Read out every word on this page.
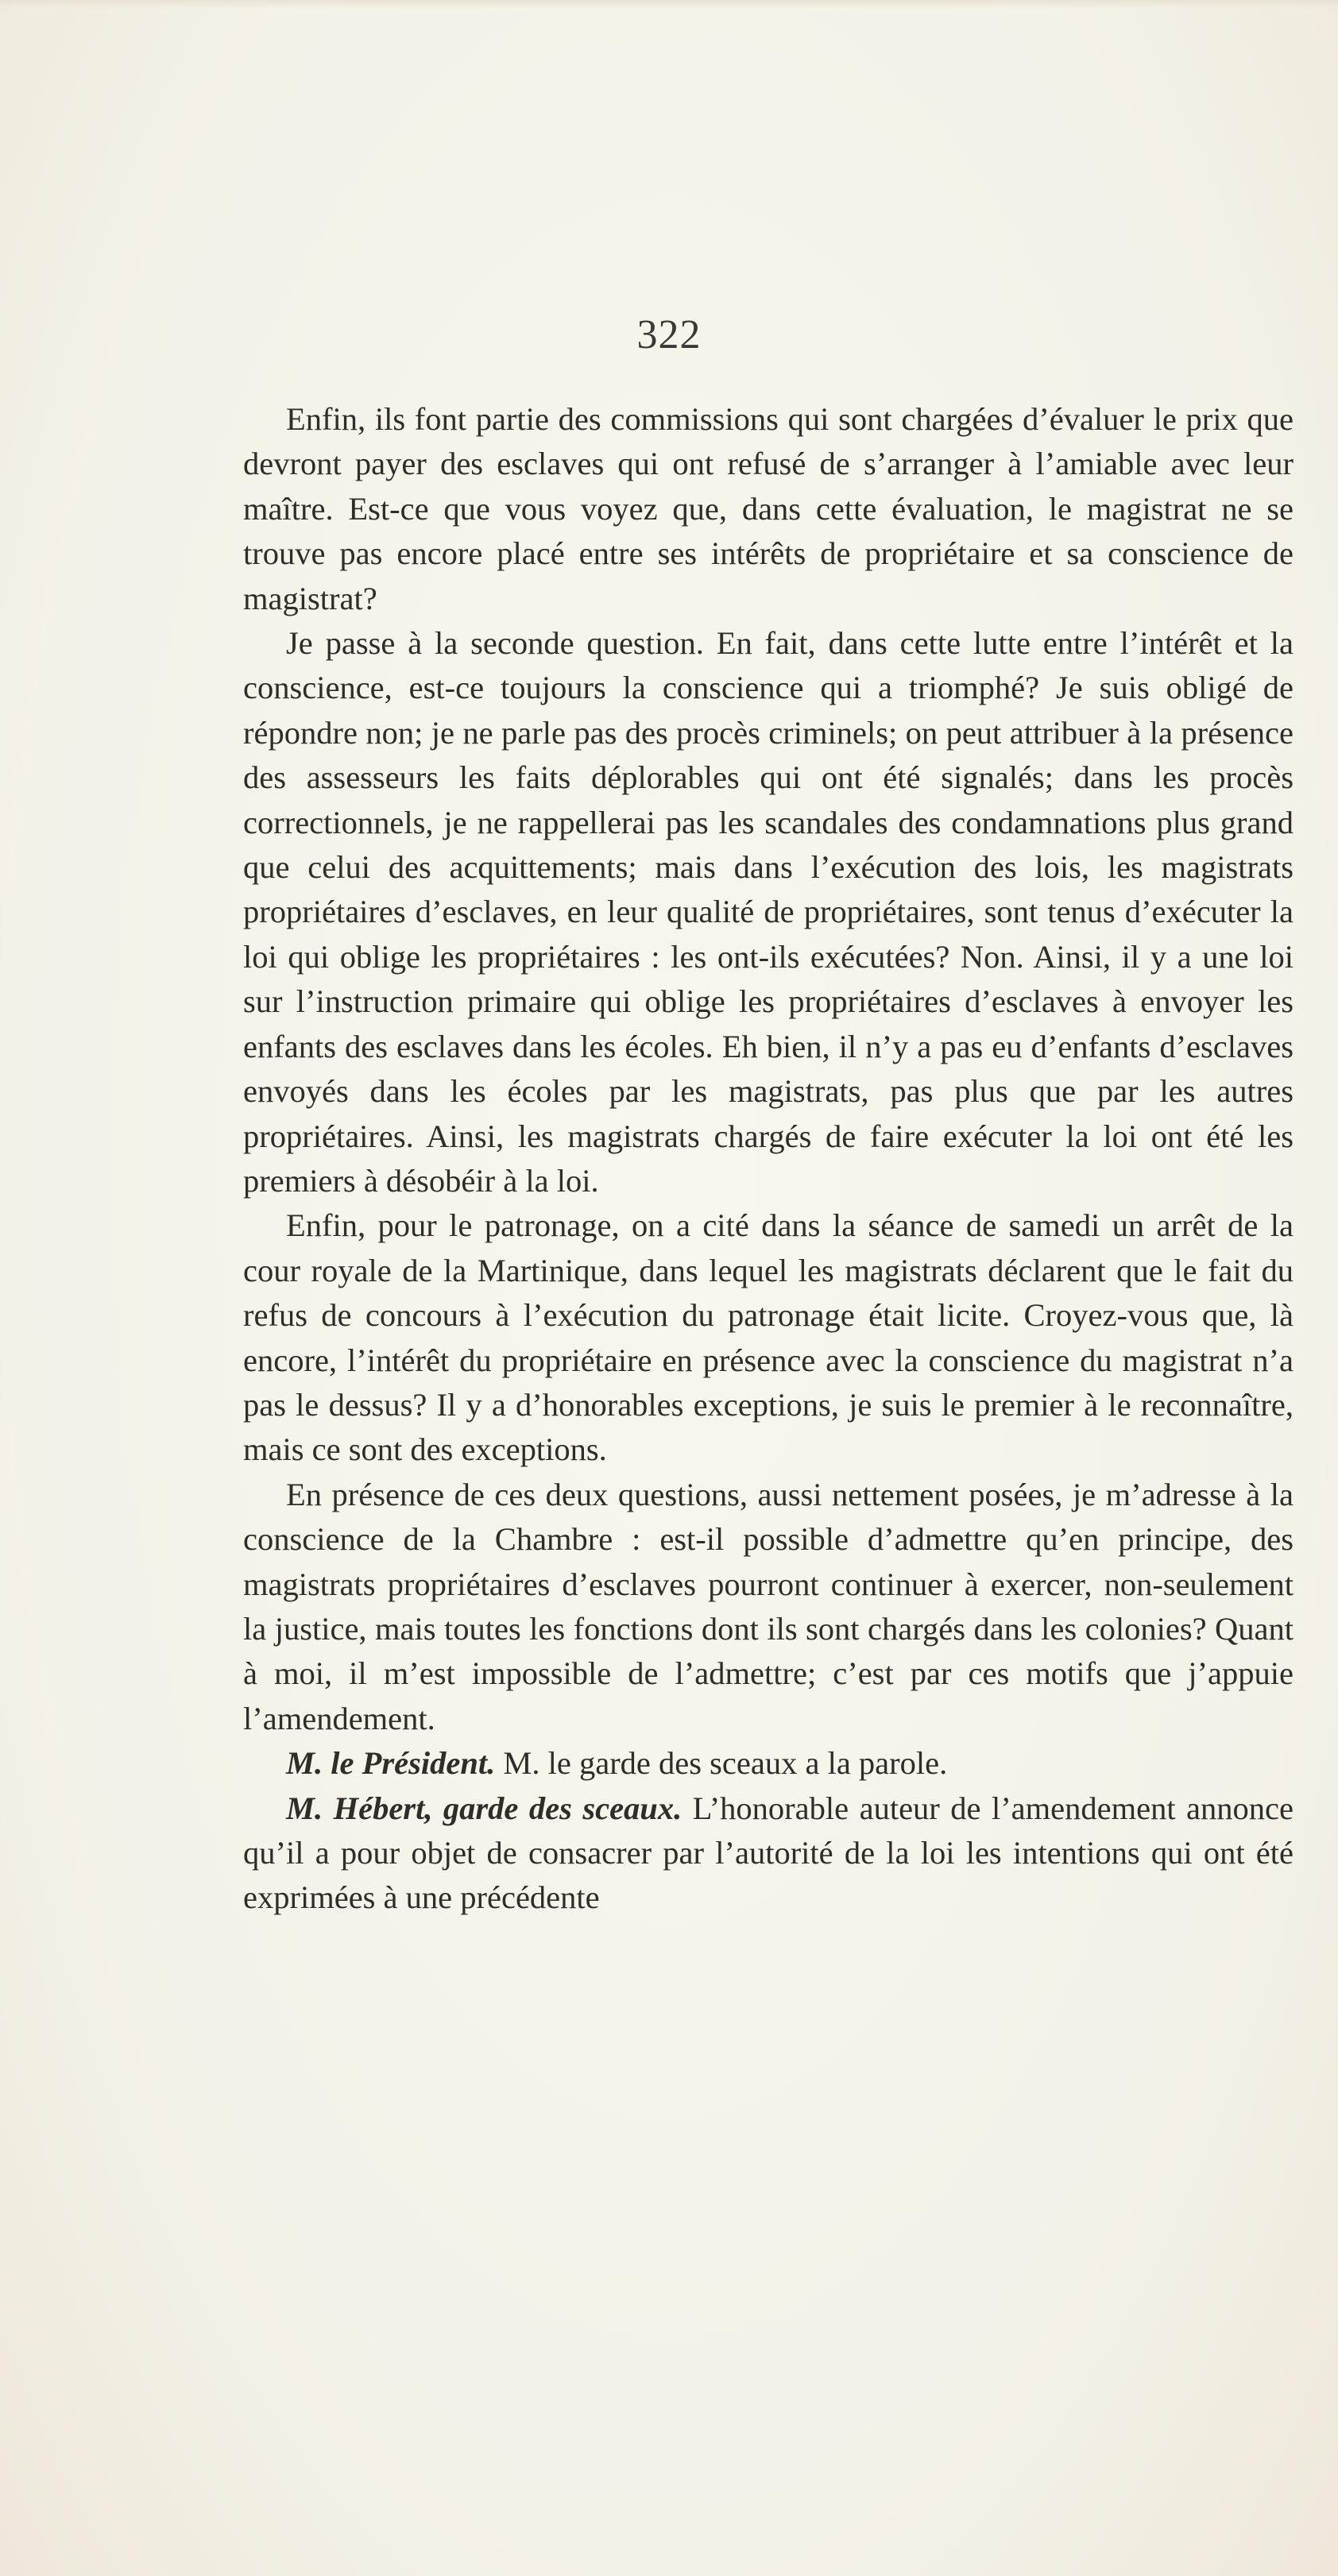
322

Enfin, ils font partie des commissions qui sont chargées d’évaluer le prix que devront payer des esclaves qui ont refusé de s’arranger à l’amiable avec leur maître. Est-ce que vous voyez que, dans cette évaluation, le magistrat ne se trouve pas encore placé entre ses intérêts de propriétaire et sa conscience de magistrat?

Je passe à la seconde question. En fait, dans cette lutte entre l’intérêt et la conscience, est-ce toujours la conscience qui a triomphé? Je suis obligé de répondre non; je ne parle pas des procès criminels; on peut attribuer à la présence des assesseurs les faits déplorables qui ont été signalés; dans les procès correctionnels, je ne rappellerai pas les scandales des condamnations plus grand que celui des acquittements; mais dans l’exécution des lois, les magistrats propriétaires d’esclaves, en leur qualité de propriétaires, sont tenus d’exécuter la loi qui oblige les propriétaires : les ont-ils exécutées? Non. Ainsi, il y a une loi sur l’instruction primaire qui oblige les propriétaires d’esclaves à envoyer les enfants des esclaves dans les écoles. Eh bien, il n’y a pas eu d’enfants d’esclaves envoyés dans les écoles par les magistrats, pas plus que par les autres propriétaires. Ainsi, les magistrats chargés de faire exécuter la loi ont été les premiers à désobéir à la loi.

Enfin, pour le patronage, on a cité dans la séance de samedi un arrêt de la cour royale de la Martinique, dans lequel les magistrats déclarent que le fait du refus de concours à l’exécution du patronage était licite. Croyez-vous que, là encore, l’intérêt du propriétaire en présence avec la conscience du magistrat n’a pas le dessus? Il y a d’honorables exceptions, je suis le premier à le reconnaître, mais ce sont des exceptions.

En présence de ces deux questions, aussi nettement posées, je m’adresse à la conscience de la Chambre : est-il possible d’admettre qu’en principe, des magistrats propriétaires d’esclaves pourront continuer à exercer, non-seulement la justice, mais toutes les fonctions dont ils sont chargés dans les colonies? Quant à moi, il m’est impossible de l’admettre; c’est par ces motifs que j’appuie l’amendement.

M. le Président. M. le garde des sceaux a la parole.

M. Hébert, garde des sceaux. L’honorable auteur de l’amendement annonce qu’il a pour objet de consacrer par l’autorité de la loi les intentions qui ont été exprimées à une précédente
